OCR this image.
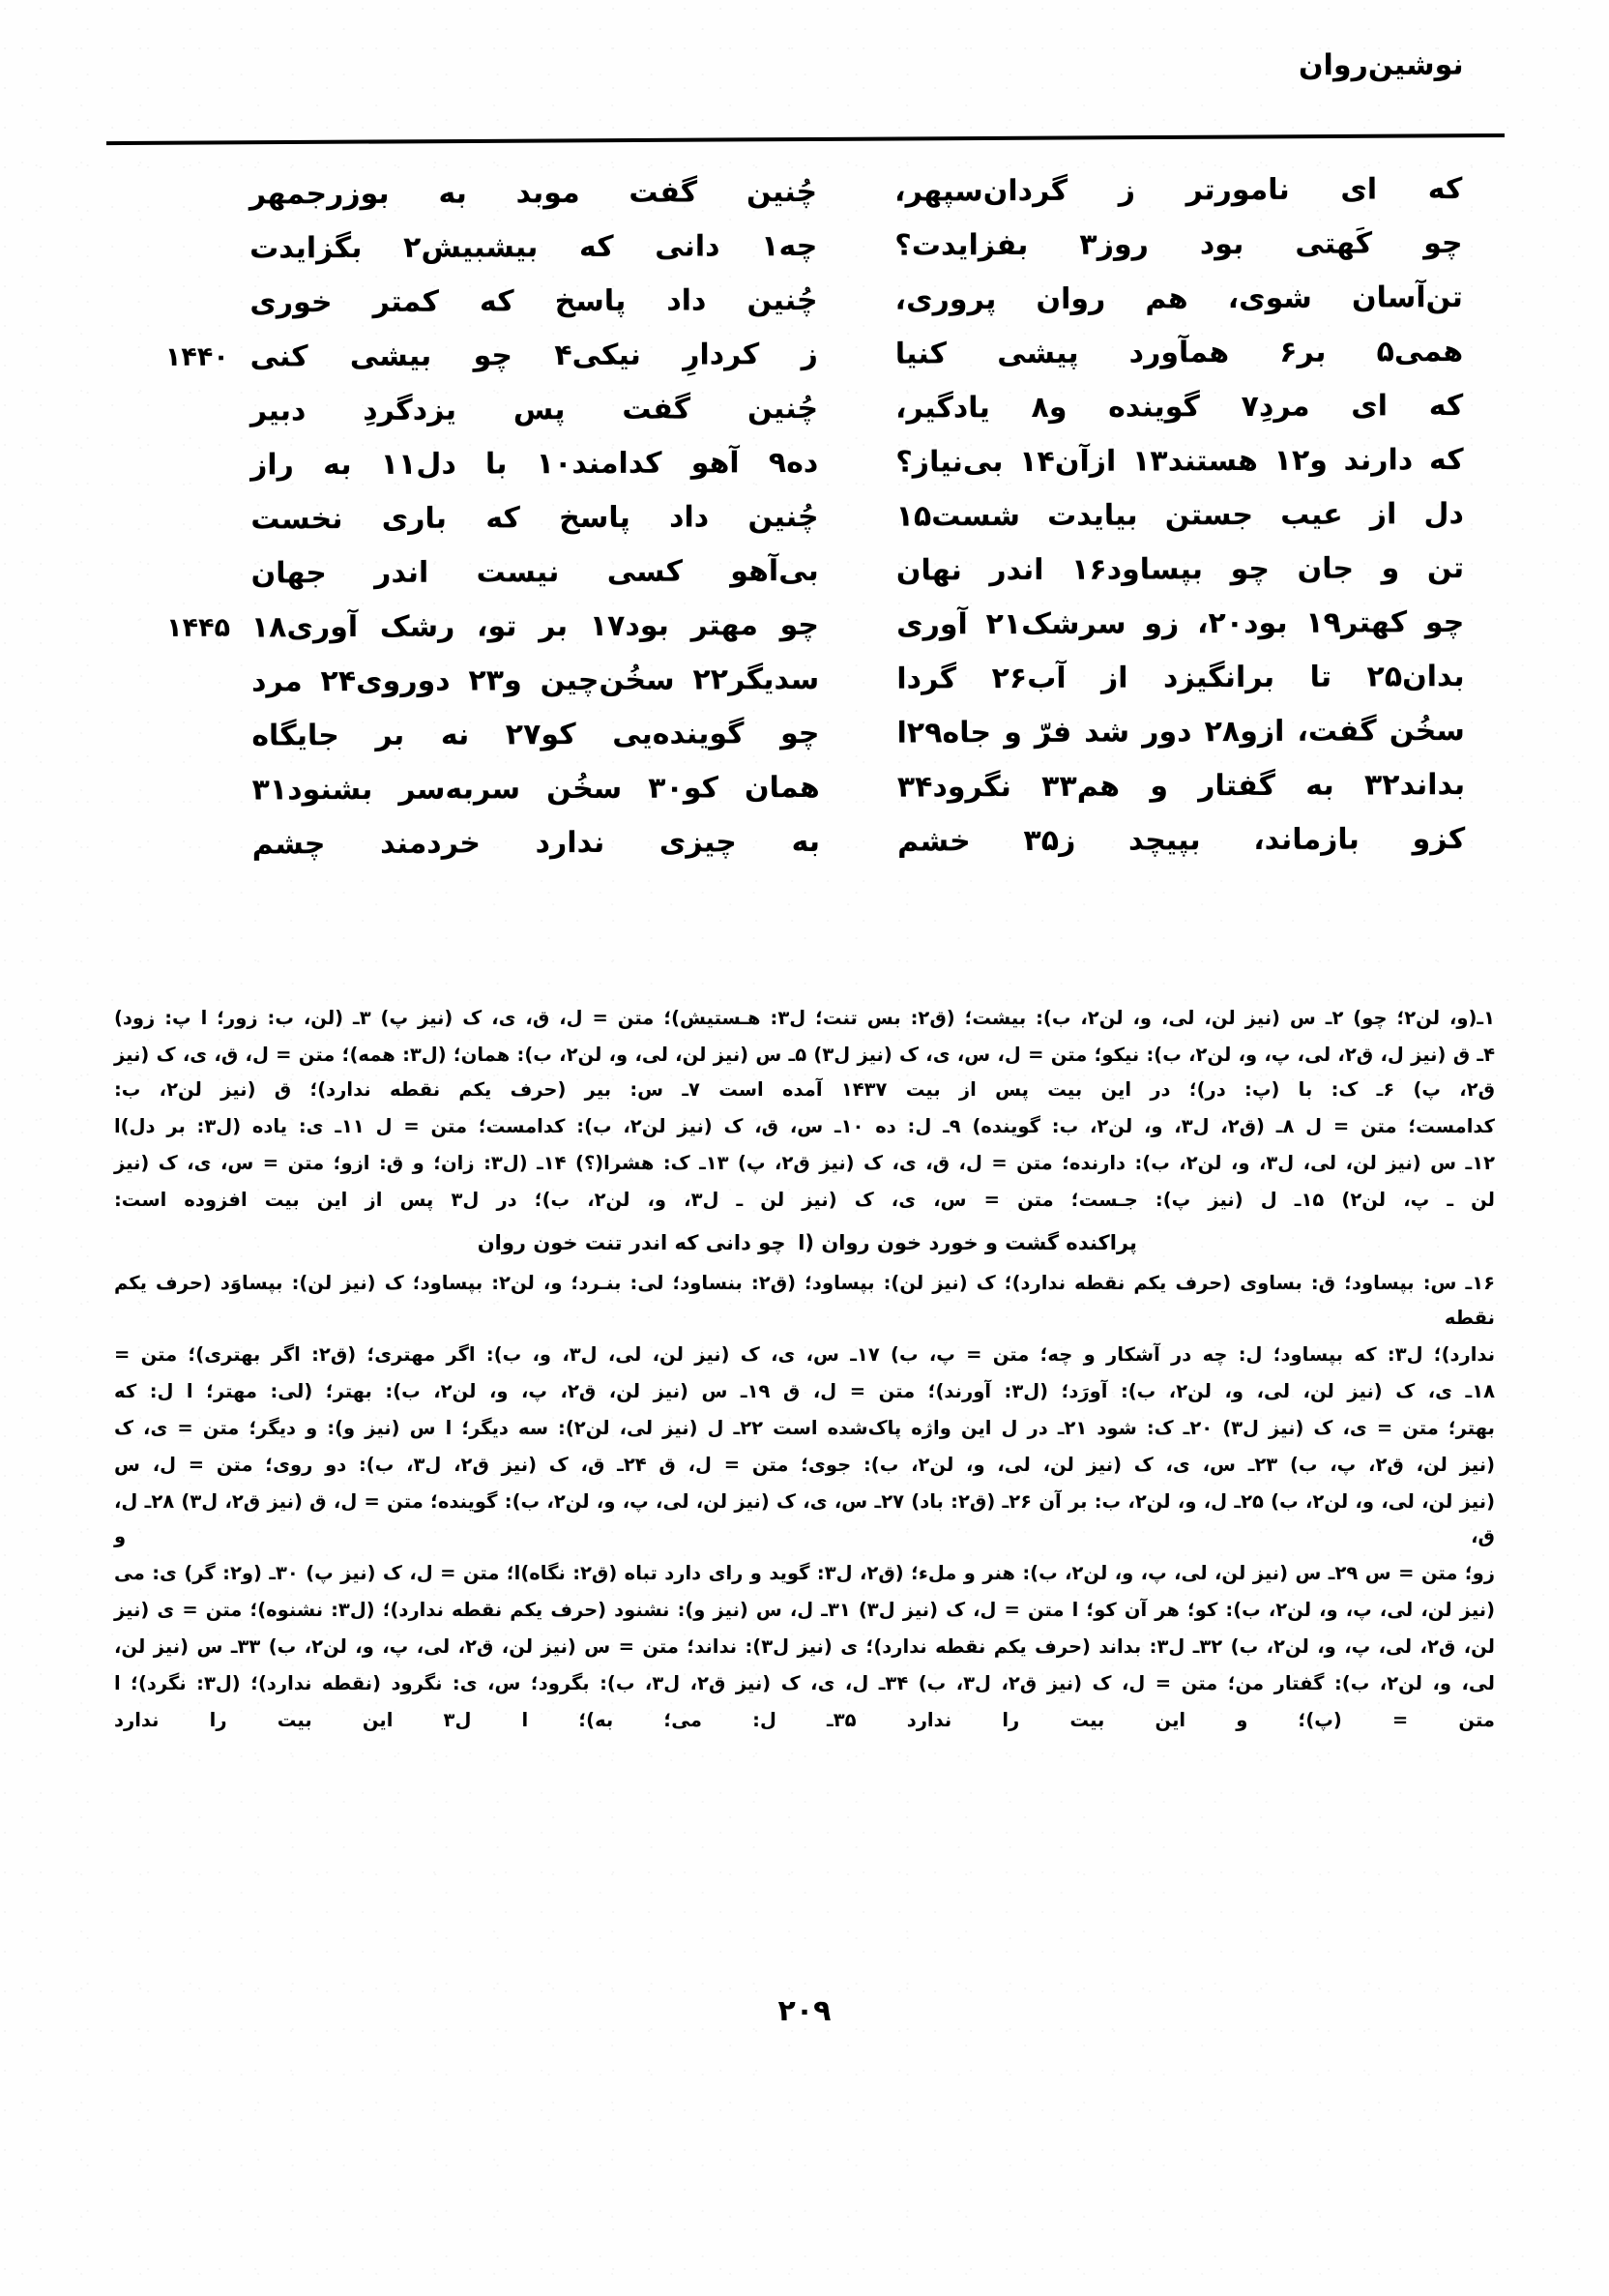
نوشین‌روان
که ای نامورتر ز گردان‌سپهر،		چُنین گفت موبد به بوزرجمهر	
چو کَهتی بود روز۳ بفزایدت؟		چه۱ دانی که بیشبیش۲ بگزایدت	
تن‌آسان شوی، هم روان پروری،		چُنین داد پاسخ که کمتر خوری	
همی۵ بر۶ همآورد پیشی کنیا		ز کردارِ نیکی۴ چو بیشی کنی	۱۴۴۰
که ای مردِ۷ گوینده و۸ یادگیر،		چُنین گفت پس یزدگردِ دبیر	
که دارند و۱۲ هستند۱۳ ازآن۱۴ بی‌نیاز؟		ده۹ آهو کدامند۱۰ با دل۱۱ به راز	
دل از عیب جستن بیایدت شست۱۵		چُنین داد پاسخ که باری نخست	
تن و جان چو بپساود۱۶ اندر نهان		بی‌آهو کسی نیست اندر جهان	
چو کهتر۱۹ بود۲۰، زو سرشک۲۱ آوری		چو مهتر بود۱۷ بر تو، رشک آوری۱۸	۱۴۴۵
بدان۲۵ تا برانگیزد از آب۲۶ گردا		سدیگر۲۲ سخُن‌چین و۲۳ دوروی۲۴ مرد	
سخُن گفت، ازو۲۸ دور شد فرّ و جاه۲۹ا		چو گوینده‌یی کو۲۷ نه بر جایگاه	
بداند۳۲ به گفتار و هم۳۳ نگرود۳۴		همان کو۳۰ سخُن سربه‌سر بشنود۳۱	
کزو بازماند، بپیچد ز۳۵ خشم		به چیزی ندارد خردمند چشم	

۱ـ(و، لن۲؛ چو) ۲ـ س (نیز لن، لی، و، لن۲، ب): بیشت؛ (ق۲: بس تنت؛ ل۳: هـستیش)؛ متن = ل، ق، ی، ک (نیز پ) ۳ـ (لن، ب: زور؛ ا پ: زود)

۴ـ ق (نیز ل، ق۲، لی، پ، و، لن۲، ب): نیکو؛ متن = ل، س، ی، ک (نیز ل۳) ۵ـ س (نیز لن، لی، و، لن۲، ب): همان؛ (ل۳: همه)؛ متن = ل، ق، ی، ک (نیز ق۲، پ) ۶ـ ک: با (پ: در)؛ در این بیت پس از بیت ۱۴۳۷ آمده است ۷ـ س: بیر (حرف یکم نقطه ندارد)؛ ق (نیز لن۲، ب:

کدامست؛ متن = ل ۸ـ (ق۲، ل۳، و، لن۲، ب: گوینده) ۹ـ ل: ده ۱۰ـ س، ق، ک (نیز لن۲، ب): کدامست؛ متن = ل ۱۱ـ ی: یاده (ل۳: بر دل)ا

۱۲ـ س (نیز لن، لی، ل۳، و، لن۲، ب): دارنده؛ متن = ل، ق، ی، ک (نیز ق۲، پ) ۱۳ـ ک: هشرا(؟) ۱۴ـ (ل۳: زان؛ و ق: ازو؛ متن = س، ی، ک (نیز

لن ـ پ، لن۲) ۱۵ـ ل (نیز پ): جـست؛ متن = س، ی، ک (نیز لن ـ ل۳، و، لن۲، ب)؛ در ل۳ پس از این بیت افزوده است:

پراکنده گشت و خورد خون روان (ا چو دانی که اندر تنت خون روان

۱۶ـ س: بپساود؛ ق: بساوی (حرف یکم نقطه ندارد)؛ ک (نیز لن): بپساود؛ (ق۲: بنساود؛ لی: بنـرد؛ و، لن۲: بپساود؛ ک (نیز لن): بپساوَد (حرف یکم نقطه

ندارد)؛ ل۳: که بپساود؛ ل: چه در آشکار و چه؛ متن = پ، ب) ۱۷ـ س، ی، ک (نیز لن، لی، ل۳، و، ب): اگر مهتری؛ (ق۲: اگر بهتری)؛ متن =

۱۸ـ ی، ک (نیز لن، لی، و، لن۲، ب): آورَد؛ (ل۳: آورند)؛ متن = ل، ق ۱۹ـ س (نیز لن، ق۲، پ، و، لن۲، ب): بهتر؛ (لی: مهتر؛ ا ل: که

بهتر؛ متن = ی، ک (نیز ل۳) ۲۰ـ ک: شود ۲۱ـ در ل این واژه پاک‌شده است ۲۲ـ ل (نیز لی، لن۲): سه دیگر؛ ا س (نیز و): و دیگر؛ متن = ی، ک

(نیز لن، ق۲، پ، ب) ۲۳ـ س، ی، ک (نیز لن، لی، و، لن۲، ب): جوی؛ متن = ل، ق ۲۴ـ ق، ک (نیز ق۲، ل۳، ب): دو روی؛ متن = ل، س

(نیز لن، لی، و، لن۲، ب) ۲۵ـ ل، و، لن۲، ب: بر آن ۲۶ـ (ق۲: باد) ۲۷ـ س، ی، ک (نیز لن، لی، پ، و، لن۲، ب): گوینده؛ متن = ل، ق (نیز ق۲، ل۳) ۲۸ـ ل، ق، و

زو؛ متن = س ۲۹ـ س (نیز لن، لی، پ، و، لن۲، ب): هنر و ملء؛ (ق۲، ل۳: گوید و رای دارد تباه (ق۲: نگاه)ا؛ متن = ل، ک (نیز پ) ۳۰ـ (و۲: گر) ی: می

(نیز لن، لی، پ، و، لن۲، ب): کو؛ هر آن کو؛ ا متن = ل، ک (نیز ل۳) ۳۱ـ ل، س (نیز و): نشنود (حرف یکم نقطه ندارد)؛ (ل۳: نشنوه)؛ متن = ی (نیز

لن، ق۲، لی، پ، و، لن۲، ب) ۳۲ـ ل۳: بداند (حرف یکم نقطه ندارد)؛ ی (نیز ل۳): نداند؛ متن = س (نیز لن، ق۲، لی، پ، و، لن۲، ب) ۳۳ـ س (نیز لن،

لی، و، لن۲، ب): گفتار من؛ متن = ل، ک (نیز ق۲، ل۳، ب) ۳۴ـ ل، ی، ک (نیز ق۲، ل۳، ب): بگرود؛ س، ی: نگرود (نقطه ندارد)؛ (ل۳: نگرد)؛ ا

متن = (پ)؛ و این بیت را ندارد ۳۵ـ ل: می؛ به)؛ ا ل۳ این بیت را ندارد

۲۰۹
